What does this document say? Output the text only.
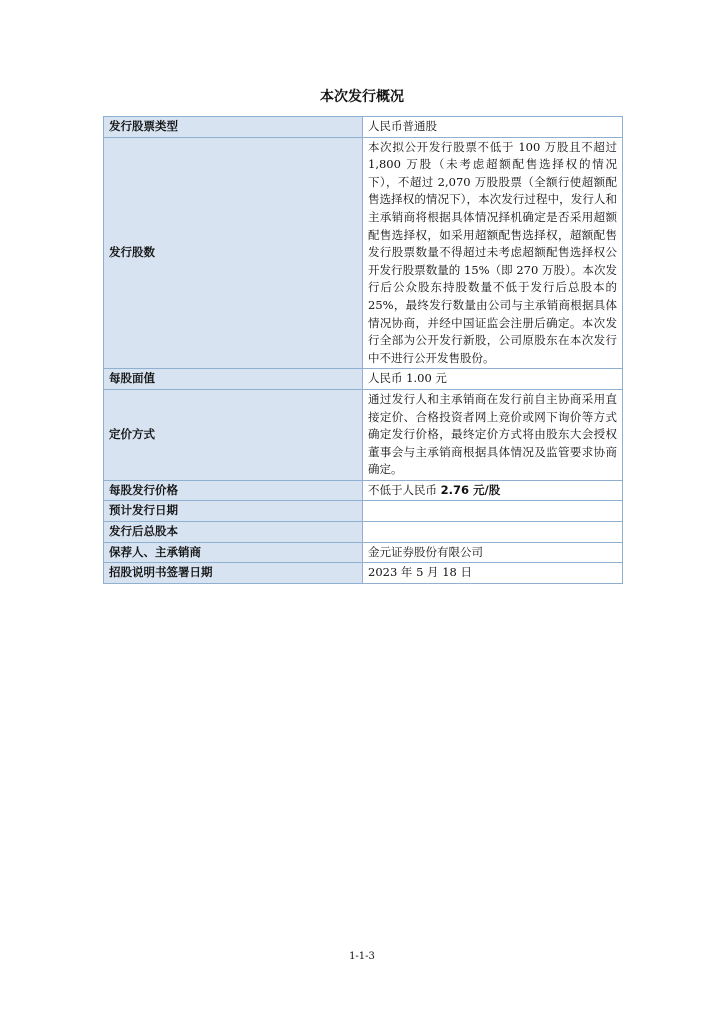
本次发行概况
发行股票类型	人民币普通股
发行股数	本次拟公开发行股票不低于 100 万股且不超过 1,800 万股（未考虑超额配售选择权的情况下），不超过 2,070 万股股票（全额行使超额配售选择权的情况下），本次发行过程中，发行人和主承销商将根据具体情况择机确定是否采用超额配售选择权，如采用超额配售选择权，超额配售发行股票数量不得超过未考虑超额配售选择权公开发行股票数量的 15%（即 270 万股）。本次发行后公众股东持股数量不低于发行后总股本的 25%，最终发行数量由公司与主承销商根据具体情况协商，并经中国证监会注册后确定。本次发行全部为公开发行新股，公司原股东在本次发行中不进行公开发售股份。
每股面值	人民币 1.00 元
定价方式	通过发行人和主承销商在发行前自主协商采用直接定价、合格投资者网上竞价或网下询价等方式确定发行价格，最终定价方式将由股东大会授权董事会与主承销商根据具体情况及监管要求协商确定。
每股发行价格	不低于人民币 2.76 元/股
预计发行日期	
发行后总股本	
保荐人、主承销商	金元证券股份有限公司
招股说明书签署日期	2023 年 5 月 18 日
1-1-3
